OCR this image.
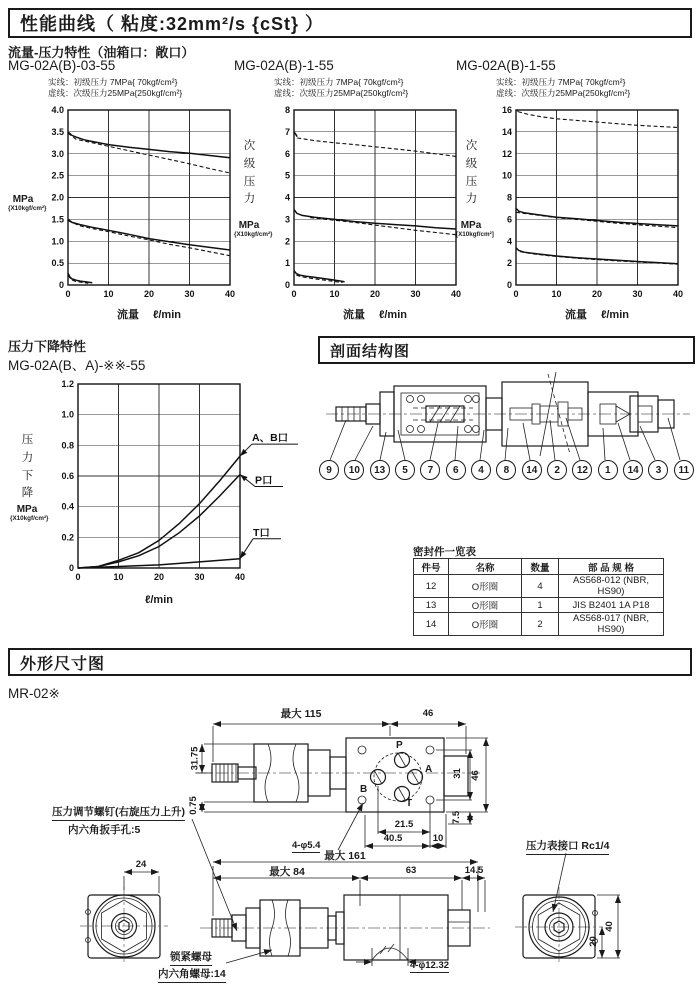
性能曲线（ 粘度:32mm²/s {cSt} ）
流量-压力特性（油箱口：敞口）
MG-02A(B)-03-55
实线：初级压力 7MPa{ 70kgf/cm²}
虚线：次级压力25MPa{250kgf/cm²}
MPa
{X10kgf/cm²}
0	10	20	30	40
0
0.5
1.0
1.5
2.0
2.5
3.0
3.5
4.0
流量 ℓ/min
MG-02A(B)-1-55
实线：初级压力 7MPa{ 70kgf/cm²}
虚线：次级压力25MPa{250kgf/cm²}
次级压力
MPa
{X10kgf/cm²}
0	10	20	30	40
0
1
2
3
4
5
6
7
8
流量 ℓ/min
MG-02A(B)-1-55
实线：初级压力 7MPa{ 70kgf/cm²}
虚线：次级压力25MPa{250kgf/cm²}
次级压力
MPa
[X10kgf/cm²]
0	10	20	30	40
0
2
4
6
8
10
12
14
16
流量 ℓ/min
压力下降特性
MG-02A(B、A)-※※-55
压力下降
MPa
{X10kgf/cm²}
0	10	20	30	40
0
0.2
0.4
0.6
0.8
1.0
1.2
A、B口
P口
T口
ℓ/min
剖面结构图
9	10	13	5	7	6	4	8	14	2	12	1	14	3	11
密封件一览表
件号	名称	数量	部 品 规 格
12	O形圈	4	AS568-012 (NBR, HS90)
13	O形圈	1	JIS B2401 1A P18
14	O形圈	2	AS568-017 (NBR, HS90)
外形尺寸图
MR-02※
最大 115	46
31.75
0.75
31 46
21.5
40.5	10
7.5
4-φ5.4
P
A
B
T
压力调节螺钉(右旋压力上升)
内六角扳手孔:5
压力表接口 Rc1/4
24
最大 161
最大 84	63	14.5
锁紧螺母
内六角螺母:14
4-φ12.32
20
40
